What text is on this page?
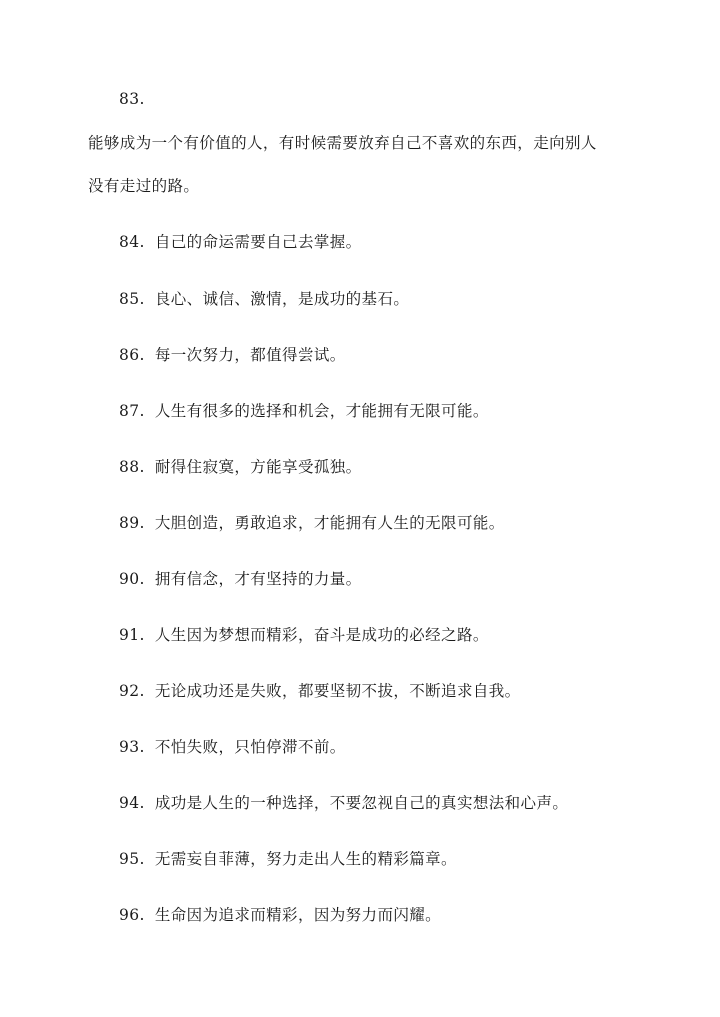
83.
能够成为一个有价值的人，有时候需要放弃自己不喜欢的东西，走向别人
没有走过的路。
84. 自己的命运需要自己去掌握。
85. 良心、诚信、激情，是成功的基石。
86. 每一次努力，都值得尝试。
87. 人生有很多的选择和机会，才能拥有无限可能。
88. 耐得住寂寞，方能享受孤独。
89. 大胆创造，勇敢追求，才能拥有人生的无限可能。
90. 拥有信念，才有坚持的力量。
91. 人生因为梦想而精彩，奋斗是成功的必经之路。
92. 无论成功还是失败，都要坚韧不拔，不断追求自我。
93. 不怕失败，只怕停滞不前。
94. 成功是人生的一种选择，不要忽视自己的真实想法和心声。
95. 无需妄自菲薄，努力走出人生的精彩篇章。
96. 生命因为追求而精彩，因为努力而闪耀。
